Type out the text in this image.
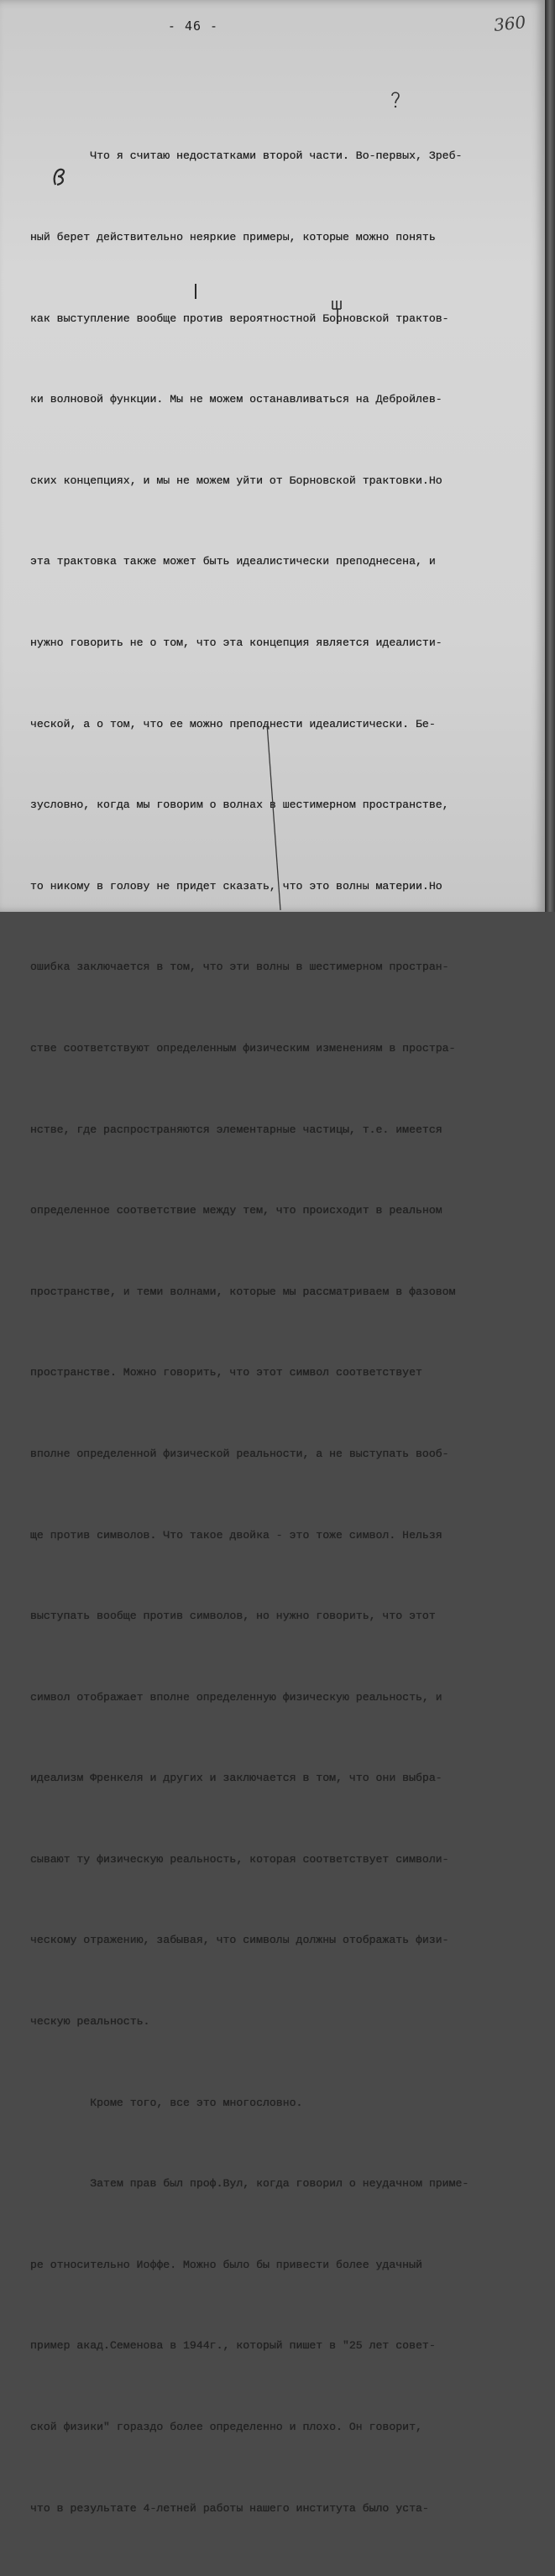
- 46 -	360

Что я считаю недостатками второй части. Во-первых, Зреб-

ный берет действительно неяркие примеры, которые можно понять

как выступление вообще против вероятностной Борновской трактов-

ки волновой функции. Мы не можем останавливаться на Дебройлев-

ских концепциях, и мы не можем уйти от Борновской трактовки.Но

эта трактовка также может быть идеалистически преподнесена, и

нужно говорить не о том, что эта концепция является идеалисти-

ческой, а о том, что ее можно преподнести идеалистически. Бе-

зусловно, когда мы говорим о волнах в шестимерном пространстве,

то никому в голову не придет сказать, что это волны материи.Но

ошибка заключается в том, что эти волны в шестимерном простран-

стве соответствуют определенным физическим изменениям в простра-

нстве, где распространяются элементарные частицы, т.е. имеется

определенное соответствие между тем, что происходит в реальном

пространстве, и теми волнами, которые мы рассматриваем в фазовом

пространстве. Можно говорить, что этот символ соответствует

вполне определенной физической реальности, а не выступать вооб-

ще против символов. Что такое двойка - это тоже символ. Нельзя

выступать вообще против символов, но нужно говорить, что этот

символ отображает вполне определенную физическую реальность, и

идеализм Френкеля и других и заключается в том, что они выбра-

сывают ту физическую реальность, которая соответствует символи-

ческому отражению, забывая, что символы должны отображать физи-

ческую реальность.

Кроме того, все это многословно.

Затем прав был проф.Вул, когда говорил о неудачном приме-

ре относительно Иоффе. Можно было бы привести более удачный

пример акад.Семенова в 1944г., который пишет в "25 лет совет-

ской физики" гораздо более определенно и плохо. Он говорит,

что в результате 4-летней работы нашего института было уста-
